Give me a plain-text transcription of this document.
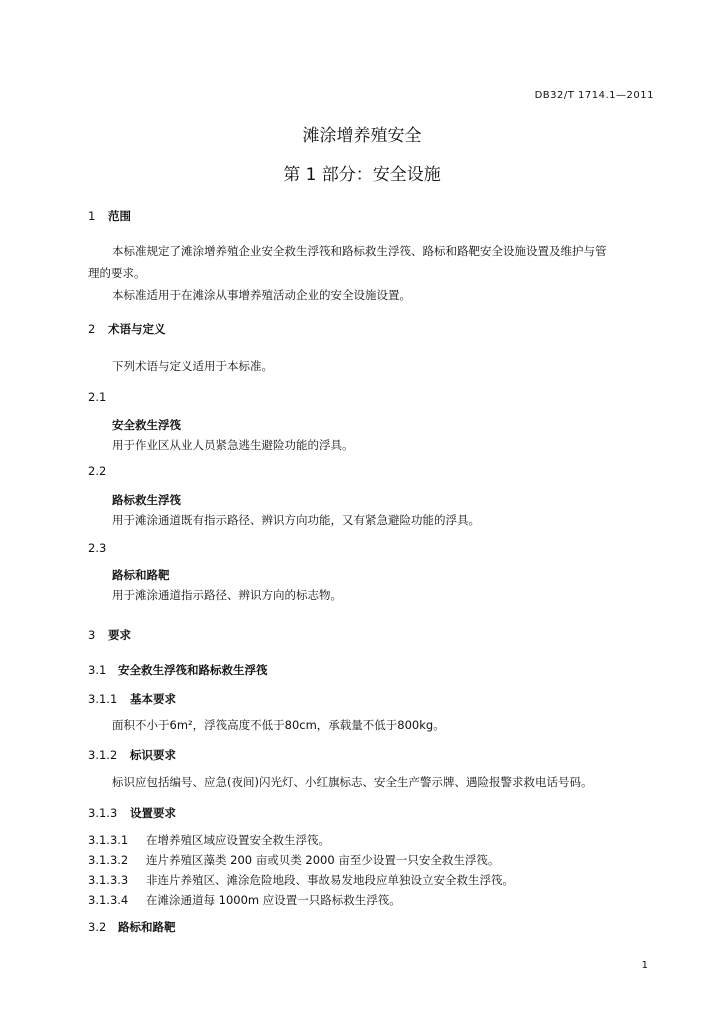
DB32/T 1714.1—2011
滩涂增养殖安全
第 1 部分：安全设施
1 范围
本标准规定了滩涂增养殖企业安全救生浮筏和路标救生浮筏、路标和路靶安全设施设置及维护与管
理的要求。
本标准适用于在滩涂从事增养殖活动企业的安全设施设置。
2 术语与定义
下列术语与定义适用于本标准。
2.1
安全救生浮筏
用于作业区从业人员紧急逃生避险功能的浮具。
2.2
路标救生浮筏
用于滩涂通道既有指示路径、辨识方向功能，又有紧急避险功能的浮具。
2.3
路标和路靶
用于滩涂通道指示路径、辨识方向的标志物。
3 要求
3.1 安全救生浮筏和路标救生浮筏
3.1.1 基本要求
面积不小于6m²，浮筏高度不低于80cm，承载量不低于800kg。
3.1.2 标识要求
标识应包括编号、应急(夜间)闪光灯、小红旗标志、安全生产警示牌、遇险报警求救电话号码。
3.1.3 设置要求
3.1.3.1 在增养殖区域应设置安全救生浮筏。
3.1.3.2 连片养殖区藻类 200 亩或贝类 2000 亩至少设置一只安全救生浮筏。
3.1.3.3 非连片养殖区、滩涂危险地段、事故易发地段应单独设立安全救生浮筏。
3.1.3.4 在滩涂通道每 1000m 应设置一只路标救生浮筏。
3.2 路标和路靶
1
